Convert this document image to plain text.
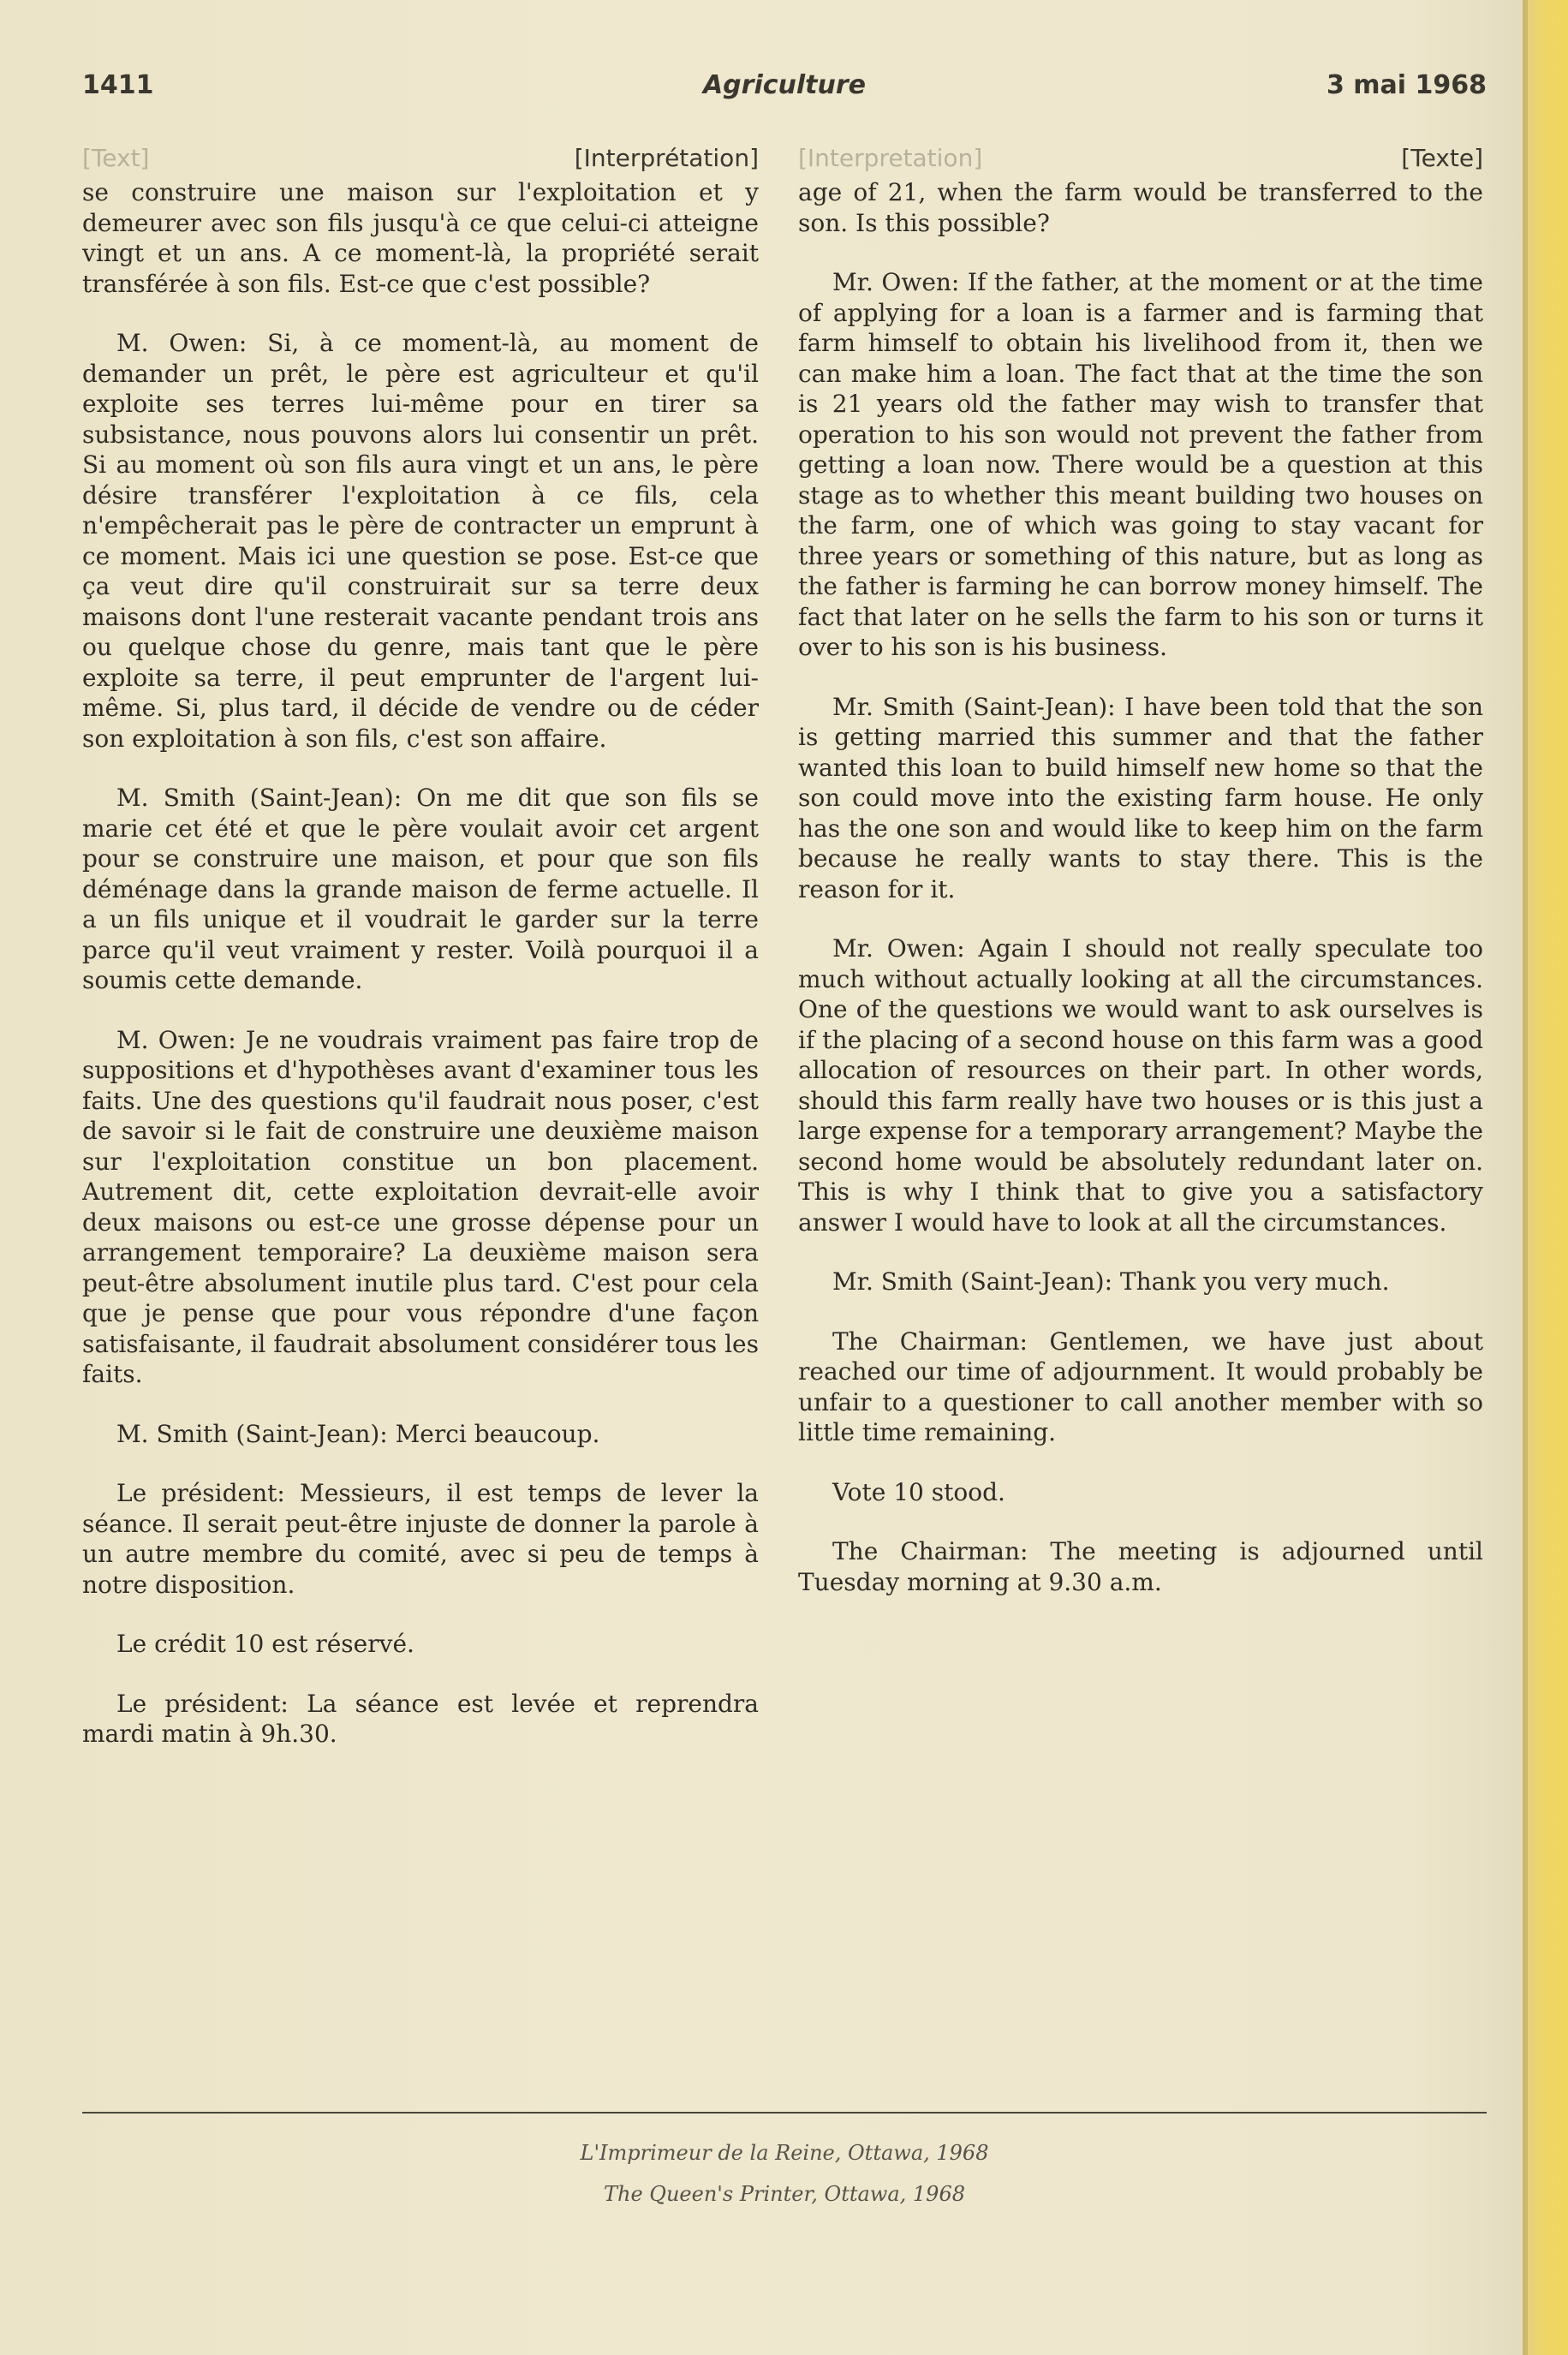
1411	Agriculture	3 mai 1968
[Text]	[Interprétation]

se construire une maison sur l'exploitation et y demeurer avec son fils jusqu'à ce que celui-ci atteigne vingt et un ans. A ce moment-là, la propriété serait transférée à son fils. Est-ce que c'est possible?

M. Owen: Si, à ce moment-là, au moment de demander un prêt, le père est agriculteur et qu'il exploite ses terres lui-même pour en tirer sa subsistance, nous pouvons alors lui consentir un prêt. Si au moment où son fils aura vingt et un ans, le père désire transférer l'exploitation à ce fils, cela n'empêcherait pas le père de contracter un emprunt à ce moment. Mais ici une question se pose. Est-ce que ça veut dire qu'il construirait sur sa terre deux maisons dont l'une resterait vacante pendant trois ans ou quelque chose du genre, mais tant que le père exploite sa terre, il peut emprunter de l'argent lui-même. Si, plus tard, il décide de vendre ou de céder son exploitation à son fils, c'est son affaire.

M. Smith (Saint-Jean): On me dit que son fils se marie cet été et que le père voulait avoir cet argent pour se construire une maison, et pour que son fils déménage dans la grande maison de ferme actuelle. Il a un fils unique et il voudrait le garder sur la terre parce qu'il veut vraiment y rester. Voilà pourquoi il a soumis cette demande.

M. Owen: Je ne voudrais vraiment pas faire trop de suppositions et d'hypothèses avant d'examiner tous les faits. Une des questions qu'il faudrait nous poser, c'est de savoir si le fait de construire une deuxième maison sur l'exploitation constitue un bon placement. Autrement dit, cette exploitation devrait-elle avoir deux maisons ou est-ce une grosse dépense pour un arrangement temporaire? La deuxième maison sera peut-être absolument inutile plus tard. C'est pour cela que je pense que pour vous répondre d'une façon satisfaisante, il faudrait absolument considérer tous les faits.

M. Smith (Saint-Jean): Merci beaucoup.

Le président: Messieurs, il est temps de lever la séance. Il serait peut-être injuste de donner la parole à un autre membre du comité, avec si peu de temps à notre disposition.

Le crédit 10 est réservé.

Le président: La séance est levée et reprendra mardi matin à 9h.30.

[Interpretation]	[Texte]

age of 21, when the farm would be transferred to the son. Is this possible?

Mr. Owen: If the father, at the moment or at the time of applying for a loan is a farmer and is farming that farm himself to obtain his livelihood from it, then we can make him a loan. The fact that at the time the son is 21 years old the father may wish to transfer that operation to his son would not prevent the father from getting a loan now. There would be a question at this stage as to whether this meant building two houses on the farm, one of which was going to stay vacant for three years or something of this nature, but as long as the father is farming he can borrow money himself. The fact that later on he sells the farm to his son or turns it over to his son is his business.

Mr. Smith (Saint-Jean): I have been told that the son is getting married this summer and that the father wanted this loan to build himself new home so that the son could move into the existing farm house. He only has the one son and would like to keep him on the farm because he really wants to stay there. This is the reason for it.

Mr. Owen: Again I should not really speculate too much without actually looking at all the circumstances. One of the questions we would want to ask ourselves is if the placing of a second house on this farm was a good allocation of resources on their part. In other words, should this farm really have two houses or is this just a large expense for a temporary arrangement? Maybe the second home would be absolutely redundant later on. This is why I think that to give you a satisfactory answer I would have to look at all the circumstances.

Mr. Smith (Saint-Jean): Thank you very much.

The Chairman: Gentlemen, we have just about reached our time of adjournment. It would probably be unfair to a questioner to call another member with so little time remaining.

Vote 10 stood.

The Chairman: The meeting is adjourned until Tuesday morning at 9.30 a.m.

L'Imprimeur de la Reine, Ottawa, 1968
The Queen's Printer, Ottawa, 1968
